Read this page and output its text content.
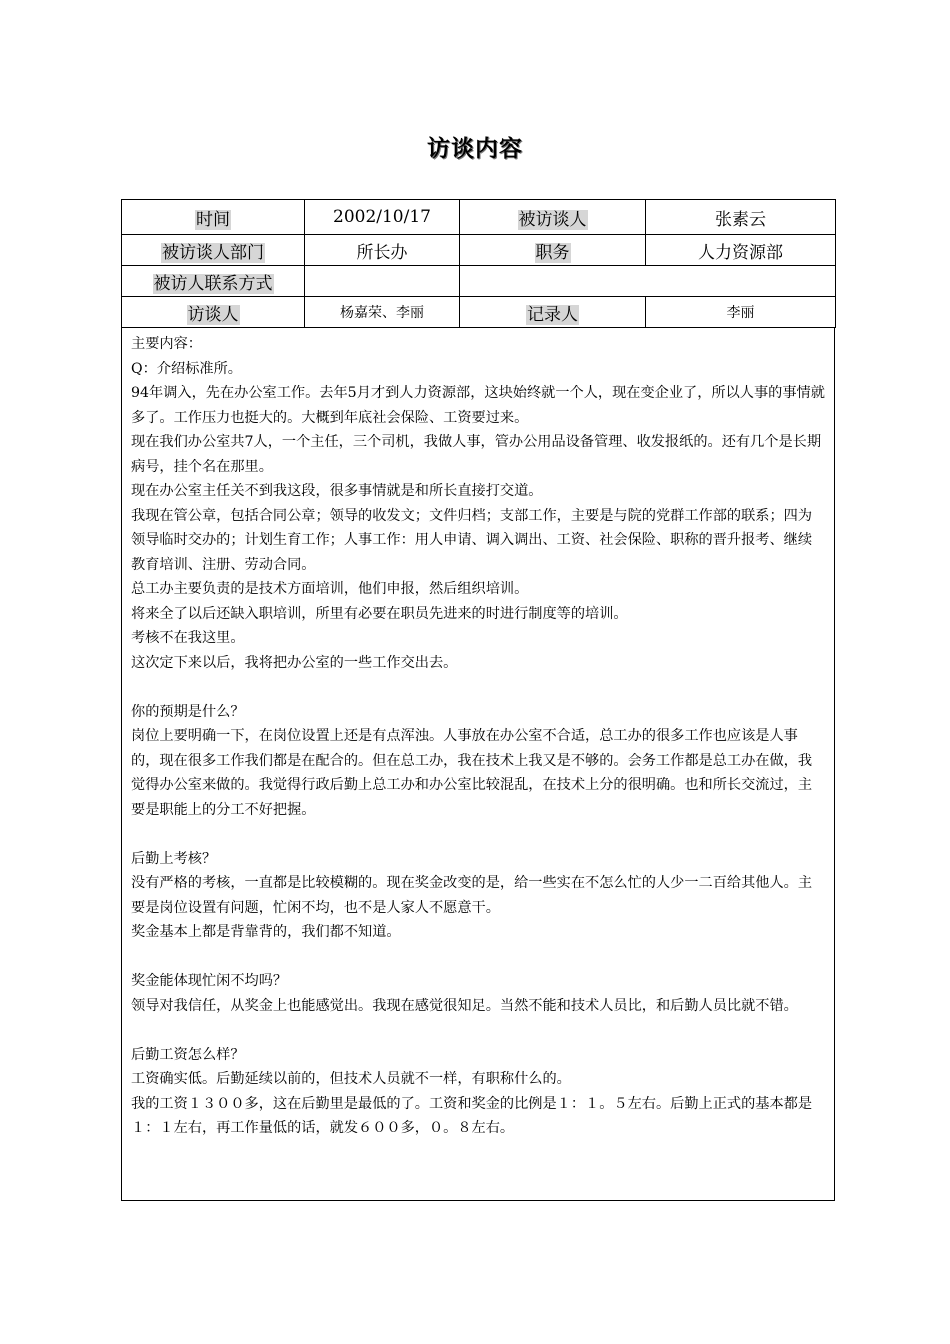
访谈内容
时间	2002/10/17	被访谈人	张素云
被访谈人部门	所长办	职务	人力资源部
被访人联系方式			
访谈人	杨嘉荣、李丽	记录人	李丽

主要内容：

Q：介绍标准所。

94年调入，先在办公室工作。去年5月才到人力资源部，这块始终就一个人，现在变企业了，所以人事的事情就多了。工作压力也挺大的。大概到年底社会保险、工资要过来。

现在我们办公室共7人，一个主任，三个司机，我做人事，管办公用品设备管理、收发报纸的。还有几个是长期病号，挂个名在那里。

现在办公室主任关不到我这段，很多事情就是和所长直接打交道。

我现在管公章，包括合同公章；领导的收发文；文件归档；支部工作，主要是与院的党群工作部的联系；四为领导临时交办的；计划生育工作；人事工作：用人申请、调入调出、工资、社会保险、职称的晋升报考、继续教育培训、注册、劳动合同。

总工办主要负责的是技术方面培训，他们申报，然后组织培训。

将来全了以后还缺入职培训，所里有必要在职员先进来的时进行制度等的培训。

考核不在我这里。

这次定下来以后，我将把办公室的一些工作交出去。

你的预期是什么？

岗位上要明确一下，在岗位设置上还是有点浑浊。人事放在办公室不合适，总工办的很多工作也应该是人事的，现在很多工作我们都是在配合的。但在总工办，我在技术上我又是不够的。会务工作都是总工办在做，我觉得办公室来做的。我觉得行政后勤上总工办和办公室比较混乱，在技术上分的很明确。也和所长交流过，主要是职能上的分工不好把握。

后勤上考核？

没有严格的考核，一直都是比较模糊的。现在奖金改变的是，给一些实在不怎么忙的人少一二百给其他人。主要是岗位设置有问题，忙闲不均，也不是人家人不愿意干。

奖金基本上都是背靠背的，我们都不知道。

奖金能体现忙闲不均吗？

领导对我信任，从奖金上也能感觉出。我现在感觉很知足。当然不能和技术人员比，和后勤人员比就不错。

后勤工资怎么样？

工资确实低。后勤延续以前的，但技术人员就不一样，有职称什么的。

我的工资１３００多，这在后勤里是最低的了。工资和奖金的比例是１：１。５左右。后勤上正式的基本都是１：１左右，再工作量低的话，就发６００多，０。８左右。
